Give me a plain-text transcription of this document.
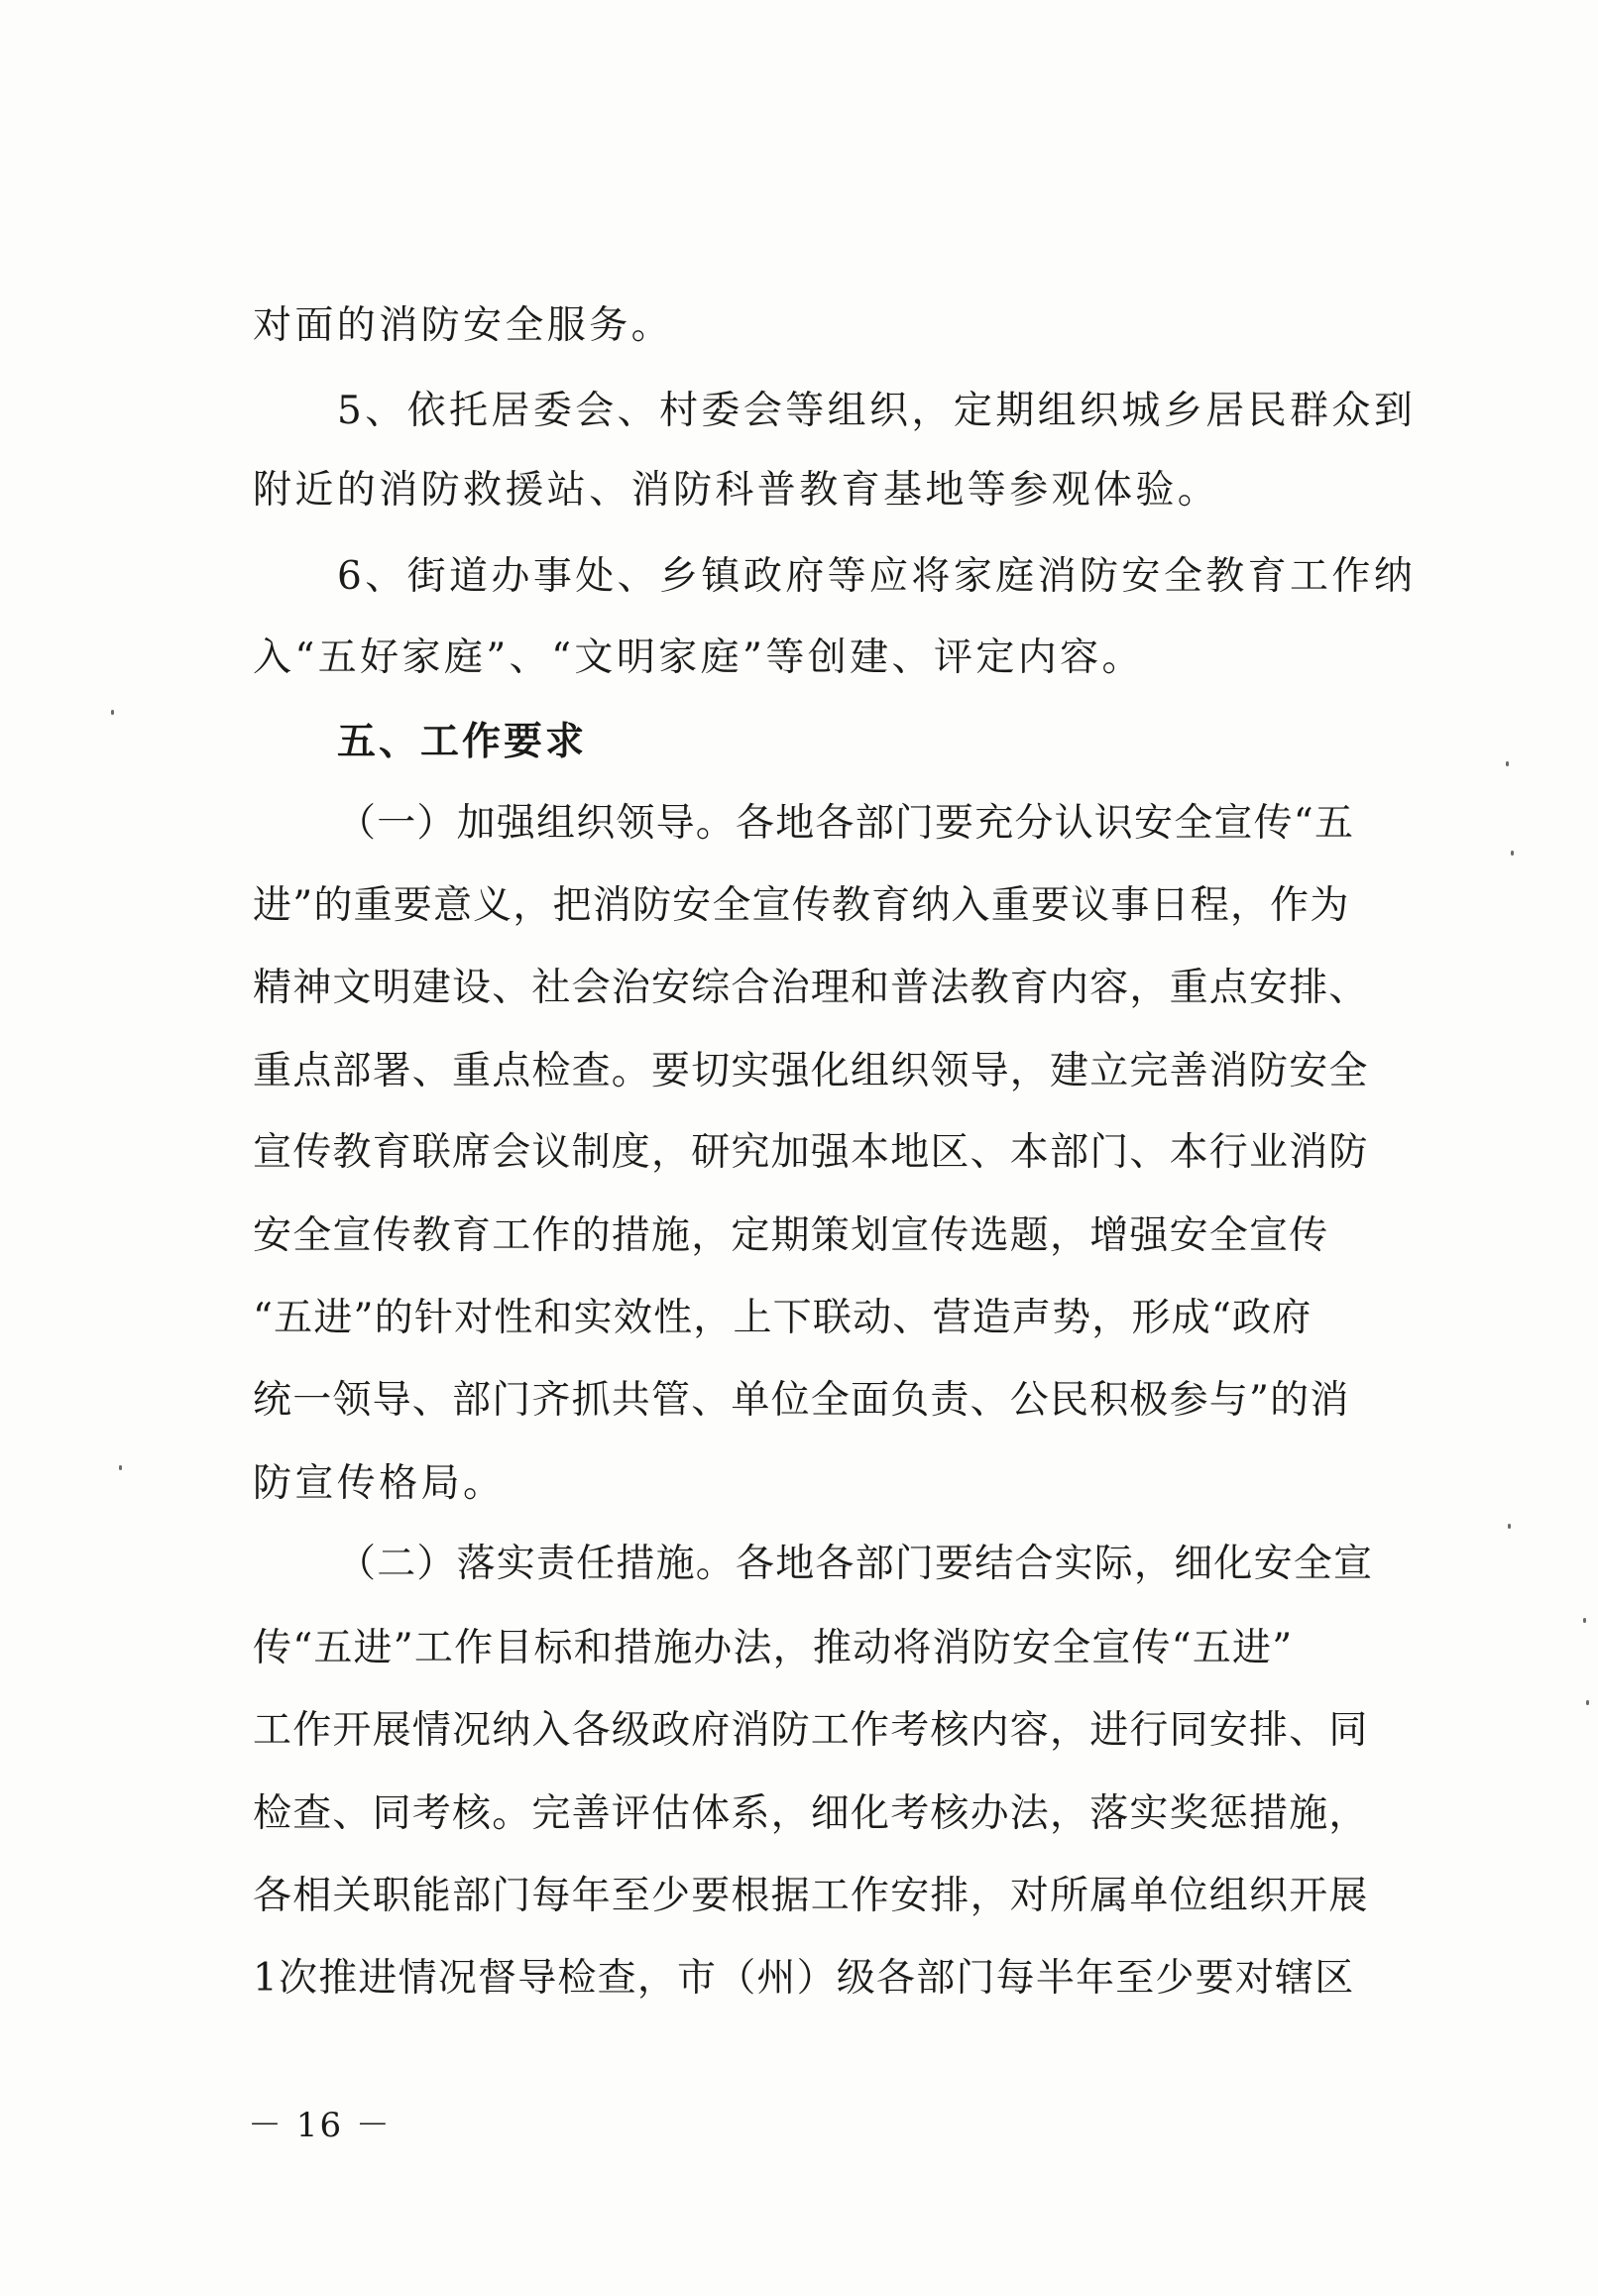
对面的消防安全服务。
5、依托居委会、村委会等组织，定期组织城乡居民群众到
附近的消防救援站、消防科普教育基地等参观体验。
6、街道办事处、乡镇政府等应将家庭消防安全教育工作纳
入“五好家庭”、“文明家庭”等创建、评定内容。
五、工作要求
（一）加强组织领导。各地各部门要充分认识安全宣传“五
进”的重要意义，把消防安全宣传教育纳入重要议事日程，作为
精神文明建设、社会治安综合治理和普法教育内容，重点安排、
重点部署、重点检查。要切实强化组织领导，建立完善消防安全
宣传教育联席会议制度，研究加强本地区、本部门、本行业消防
安全宣传教育工作的措施，定期策划宣传选题，增强安全宣传
“五进”的针对性和实效性，上下联动、营造声势，形成“政府
统一领导、部门齐抓共管、单位全面负责、公民积极参与”的消
防宣传格局。
（二）落实责任措施。各地各部门要结合实际，细化安全宣
传“五进”工作目标和措施办法，推动将消防安全宣传“五进”
工作开展情况纳入各级政府消防工作考核内容，进行同安排、同
检查、同考核。完善评估体系，细化考核办法，落实奖惩措施，
各相关职能部门每年至少要根据工作安排，对所属单位组织开展
1次推进情况督导检查，市（州）级各部门每半年至少要对辖区
－ 16 －
